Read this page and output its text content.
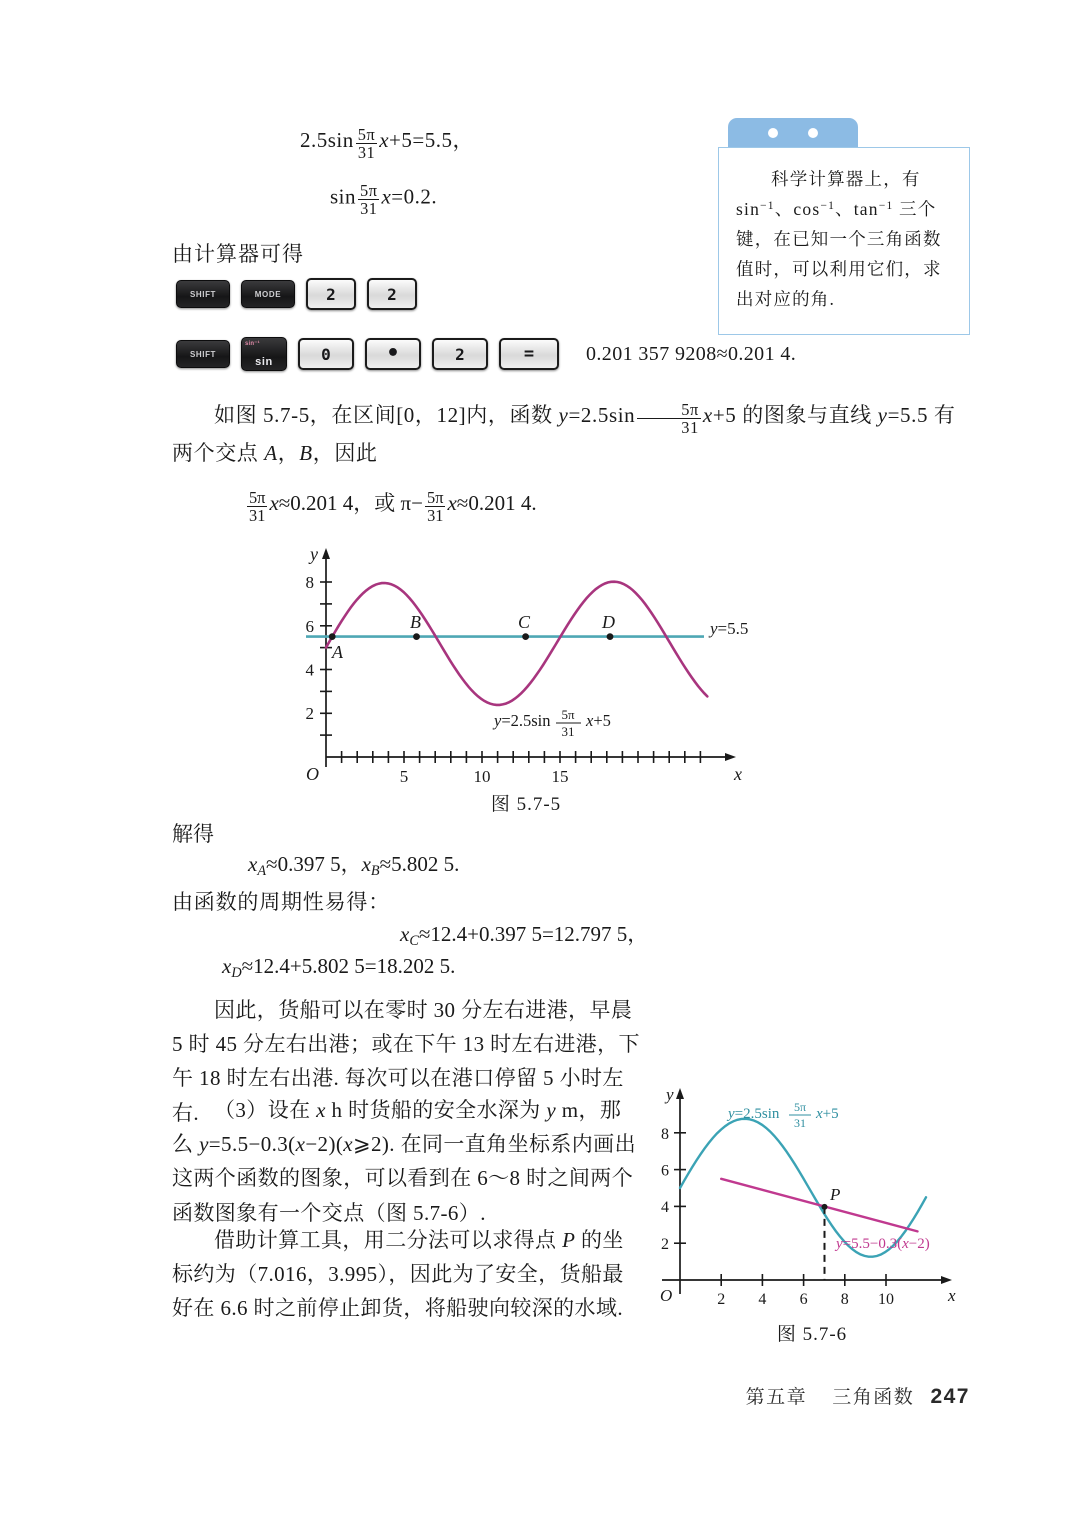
$2.5\sin \frac{5\pi}{31} x+5=5.5$，
$\sin \frac{5\pi}{31} x=0.2$.
由计算器可得
SHIFT	MODE	2	2
SHIFT
sin⁻¹
sin	0	•	2	=	0.201 357 9208≈0.201 4.
科学计算器上，有 $\sin^{-1}$、$\cos^{-1}$、$\tan^{-1}$ 三个键，在已知一个三角函数值时，可以利用它们，求出对应的角.
如图 5.7-5，在区间[0，12]内，函数 $y=2.5\sin \frac{5\pi}{31} x+5$ 的图象与直线 y=5.5 有两个交点 A，B，因此
$\frac{5\pi}{31} x\approx 0.201$ 4，或 $\pi- \frac{5\pi}{31} x\approx 0.201$ 4.
2
4
6
8
5	10	15
A
B	C	D	y=5.5
y=2.5sin 5π
31
x+5
x
y
O
图 5.7-5
解得
$x_A\approx 0.397$ 5，$x_B\approx 5.802$ 5.
由函数的周期性易得：
$x_C\approx 12.4+0.397$ 5=12.797 5，
$x_D\approx 12.4+5.802$ 5=18.202 5.
因此，货船可以在零时 30 分左右进港，早晨 5 时 45 分左右出港；或在下午 13 时左右进港，下午 18 时左右出港. 每次可以在港口停留 5 小时左右. （3）设在 x h 时货船的安全水深为 y m，那么 y=5.5−0.3(x−2)(x⩾2). 在同一直角坐标系内画出这两个函数的图象，可以看到在 6～8 时之间两个函数图象有一个交点（图 5.7-6）.
借助计算工具，用二分法可以求得点 P 的坐标约为（7.016，3.995），因此为了安全，货船最好在 6.6 时之前停止卸货，将船驶向较深的水域.
2
4
6
8
2 4 6 8 10
P
y=2.5sin 5π
31
x+5
y=5.5−0.3(x−2)
x
y
O
图 5.7-6
第五章 三角函数 247
